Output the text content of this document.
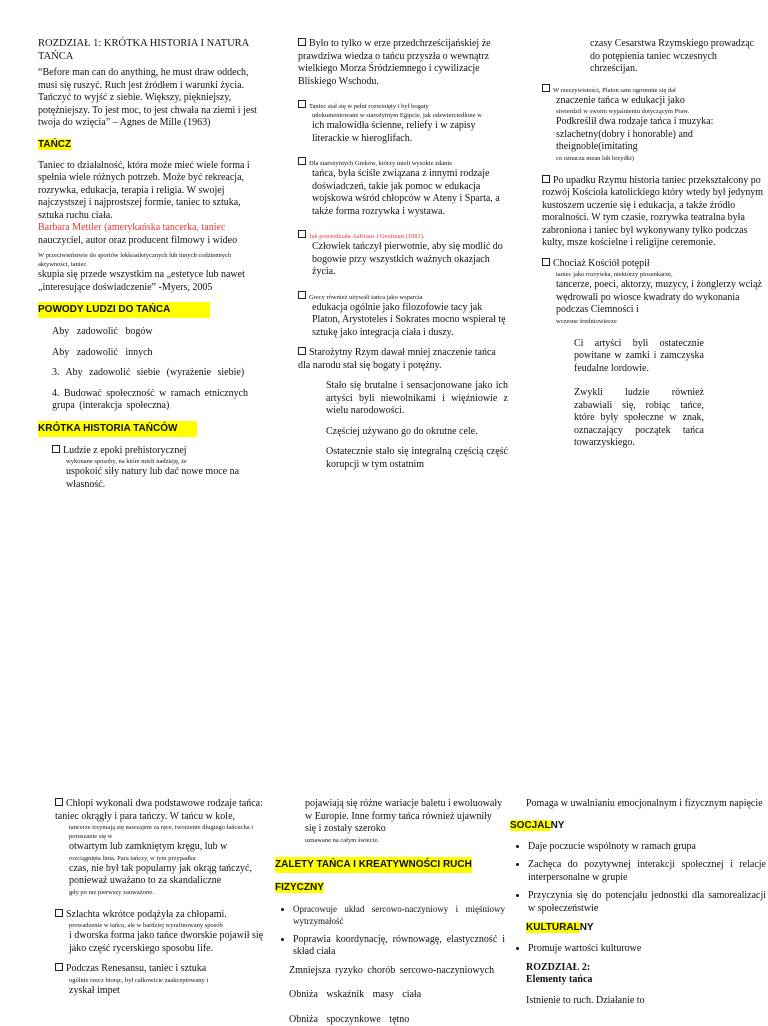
ROZDZIAŁ 1: KRÓTKA HISTORIA I NATURA TAŃCA

“Before man can do anything, he must draw oddech, musi się ruszyć. Ruch jest źródłem i warunki życia. Tańczyć to wyjść z siebie. Większy, piękniejszy, potężniejszy. To jest moc, to jest chwała na ziemi i jest twoja do wzięcia” – Agnes de Mille (1963)

TAŃCZ

Taniec to działalność, która może mieć wiele forma i spełnia wiele różnych potrzeb. Może być rekreacja, rozrywka, edukacja, terapia i religia. W swojej najczystszej i najprostszej formie, taniec to sztuka, sztuka ruchu ciała.

Barbara Mettler (amerykańska tancerka, taniec

nauczyciel, autor oraz producent filmowy i wideo

W przeciwieństwie do sportów lekkoatletycznych lub innych codziennych aktywności, taniec

skupia się przede wszystkim na „estetyce lub nawet „interesujące doświadczenie” -Myers, 2005

POWODY LUDZI DO TAŃCA

Aby zadowolić bogów

Aby zadowolić innych

3. Aby zadowolić siebie (wyrażenie siebie)

4. Budować społeczność w ramach etnicznych grupa (interakcja społeczna)

KRÓTKA HISTORIA TAŃCÓW

Ludzie z epoki prehistorycznej

wykonane sposoby, na które mieli nadzieję, że

uspokoić siły natury lub dać nowe moce na własność.

Było to tylko w erze przedchrześcijańskiej że prawdziwa wiedza o tańcu przyszła o wewnątrz wielkiego Morza Śródziemnego i cywilizacje Bliskiego Wschodu.

Taniec stał się w pełni rozwinięty i był bogaty

udokumentowane w starożytnym Egipcie, jak odzwierciedlone w

ich malowidła ścienne, reliefy i w zapisy literackie w hieroglifach.

Dla starożytnych Greków, którzy mieli wysokie zdanie

tańca, była ściśle związana z innymi rodzaje doświadczeń, takie jak pomoc w edukacja wojskowa wśród chłopców w Ateny i Sparta, a także forma rozrywka i wystawa.

Jak powiedziała AsKraus i Geufman (1981).

Człowiek tańczył pierwotnie, aby się modlić do bogowie przy wszystkich ważnych okazjach życia.

Grecy również używali tańca jako wsparcia

edukacja ogólnie jako filozofowie tacy jak Platon, Arystoteles i Sokrates mocno wspierał tę sztukę jako integracja ciała i duszy.

Starożytny Rzym dawał mniej znaczenie tańca dla narodu stał się bogaty i potężny.

Stało się brutalne i sensacjonowane jako ich artyści byli niewolnikami i więźniowie z wielu narodowości.

Częściej używano go do okrutne cele.

Ostatecznie stało się integralną częścią część korupcji w tym ostatnim

czasy Cesarstwa Rzymskiego prowadząc do potępienia taniec wczesnych chrześcijan.

W rzeczywistości, Platon sam ogromnie się dał

znaczenie tańca w edukacji jako

stwierdził w swoim wyjaśnieniu dotyczącym Praw.

Podkreślił dwa rodzaje tańca i muzyka: szlachetny(dobry i honorable) and theignoble(imitating

co oznacza mean lub brzydki)

Po upadku Rzymu historia taniec przekształcony po rozwój Kościoła katolickiego który wtedy był jedynym kustoszem uczenie się i edukacja, a także źródło moralności. W tym czasie, rozrywka teatralna była zabroniona i taniec był wykonywany tylko podczas kulty, msze kościelne i religijne ceremonie.

Chociaż Kościół potępił

taniec jako rozrywka, niektórzy piosenkarze,

tancerze, poeci, aktorzy, muzycy, i żonglerzy wciąż wędrowali po wiosce kwadraty do wykonania podczas Ciemności i

wczesne średniowiecze

Ci artyści byli ostatecznie powitane w zamki i zamczyska feudalne lordowie.

Zwykli ludzie również zabawiali się, robiąc tańce, które były społeczne w znak, oznaczający początek tańca towarzyskiego.

Chłopi wykonali dwa podstawowe rodzaje tańca: taniec okrągły i para tańczy. W tańcu w kole,

tancerze trzymają się nawzajem za ręce, tworzenie długiego łańcucha i poruszanie się w

otwartym lub zamkniętym kręgu, lub w

rozciągnięta linia. Para tańczy, w tym przypadku

czas, nie był tak popularny jak okrąg tańczyć, ponieważ uważano to za skandaliczne

gdy po raz pierwszy zauważono.

Szlachta wkrótce podążyła za chłopami.

prowadzenie w tańcu, ale w bardziej wyrafinowany sposób

i dworska forma jako tańce dworskie pojawił się jako część rycerskiego sposobu life.

Podczas Renesansu, taniec i sztuka

ogólnie rzecz biorąc, był całkowicie zaakceptowany i

zyskał impet

pojawiają się różne wariacje baletu i ewoluowały w Europie. Inne formy tańca również ujawniły się i zostały szeroko

uznawane na całym świecie.

ZALETY TAŃCA I KREATYWNOŚCI RUCH
FIZYCZNY
• Opracowuje układ sercowo-naczyniowy i mięśniowy wytrzymałość
• Poprawia koordynację, równowagę, elastyczność i skład ciała

Zmniejsza ryzyko chorób sercowo-naczyniowych

Obniża wskaźnik masy ciała

Obniża spoczynkowe tętno

Pomaga w uwalnianiu emocjonalnym i fizycznym napięcie

SOCJALNY
• Daje poczucie wspólnoty w ramach grupa
• Zachęca do pozytywnej interakcji społecznej i relacje interpersonalne w grupie
• Przyczynia się do potencjału jednostki dla samorealizacji w społeczeństwie
KULTURALNY
• Promuje wartości kulturowe

ROZDZIAŁ 2:

Elementy tańca

Istnienie to ruch. Działanie to
